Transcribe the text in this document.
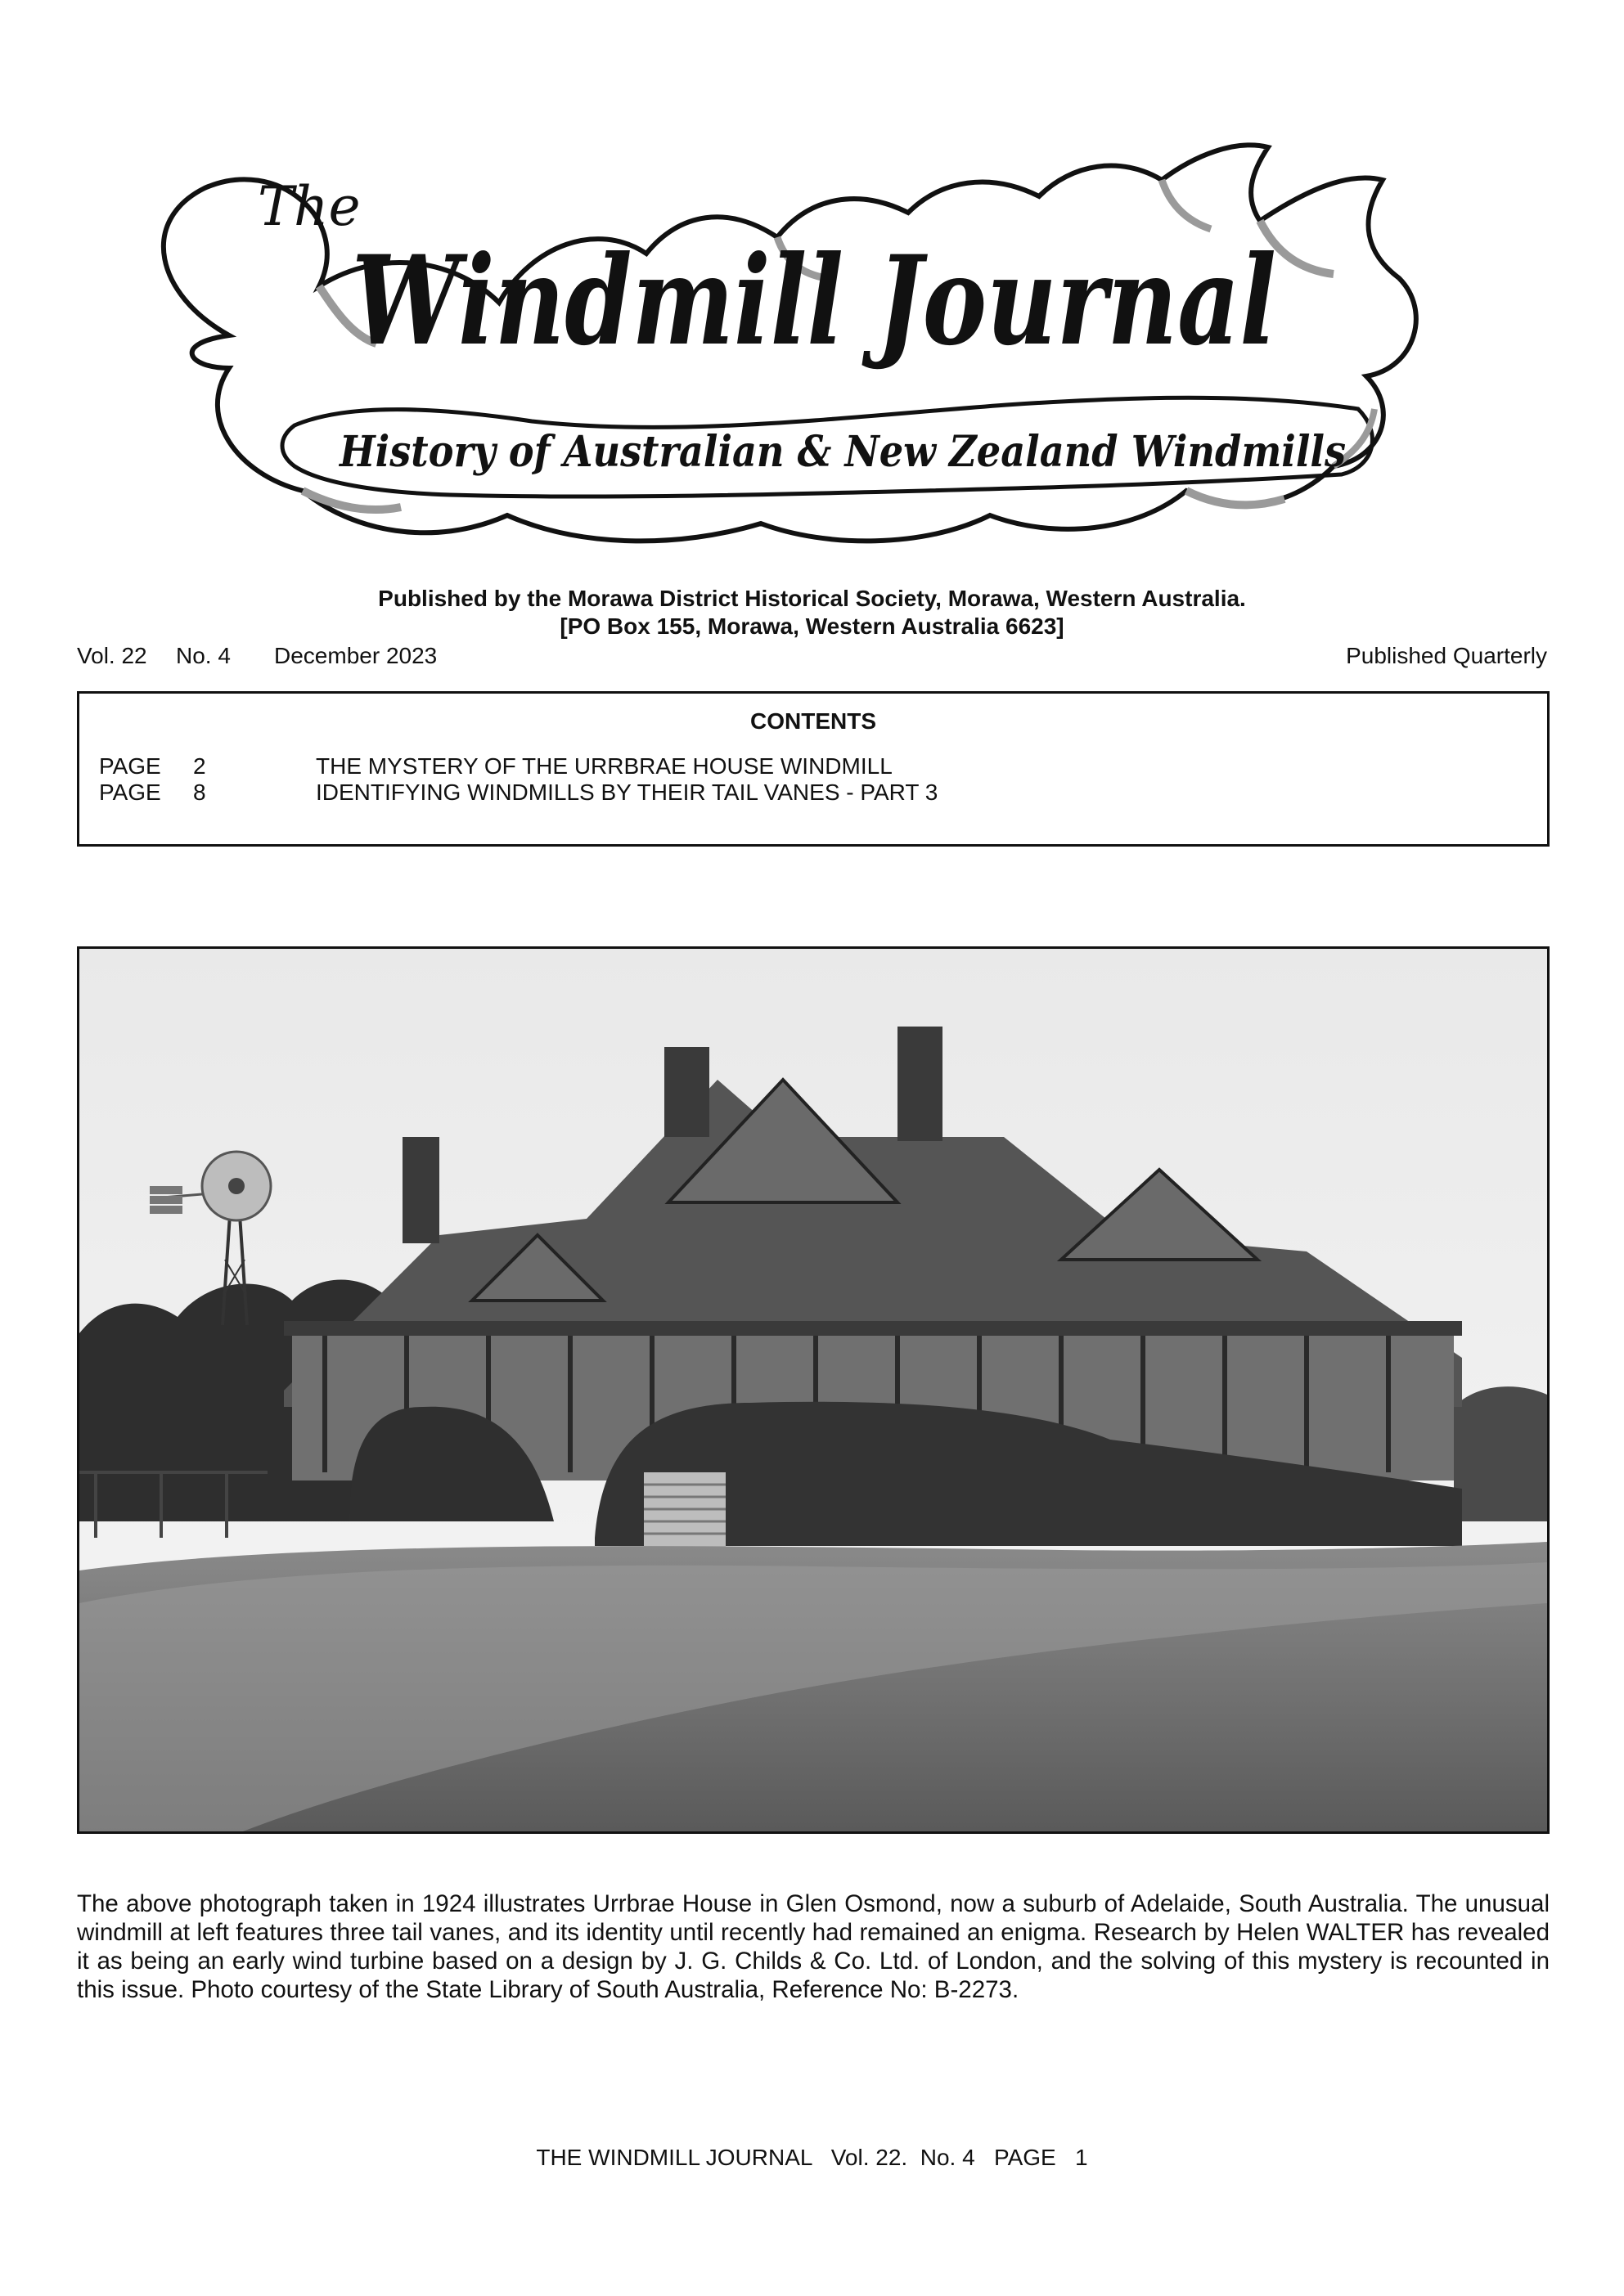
The
Windmill Journal
History of Australian & New Zealand Windmills
Published by the Morawa District Historical Society, Morawa, Western Australia.
[PO Box 155, Morawa, Western Australia 6623]
Vol. 22 No. 4 December 2023	Published Quarterly
CONTENTS
PAGE	2	THE MYSTERY OF THE URRBRAE HOUSE WINDMILL
PAGE	8	IDENTIFYING WINDMILLS BY THEIR TAIL VANES - PART 3
The above photograph taken in 1924 illustrates Urrbrae House in Glen Osmond, now a suburb of Adelaide, South Australia. The unusual windmill at left features three tail vanes, and its identity until recently had remained an enigma. Research by Helen WALTER has revealed it as being an early wind turbine based on a design by J. G. Childs & Co. Ltd. of London, and the solving of this mystery is recounted in this issue. Photo courtesy of the State Library of South Australia, Reference No: B-2273.
THE WINDMILL JOURNAL   Vol. 22.  No. 4   PAGE   1
